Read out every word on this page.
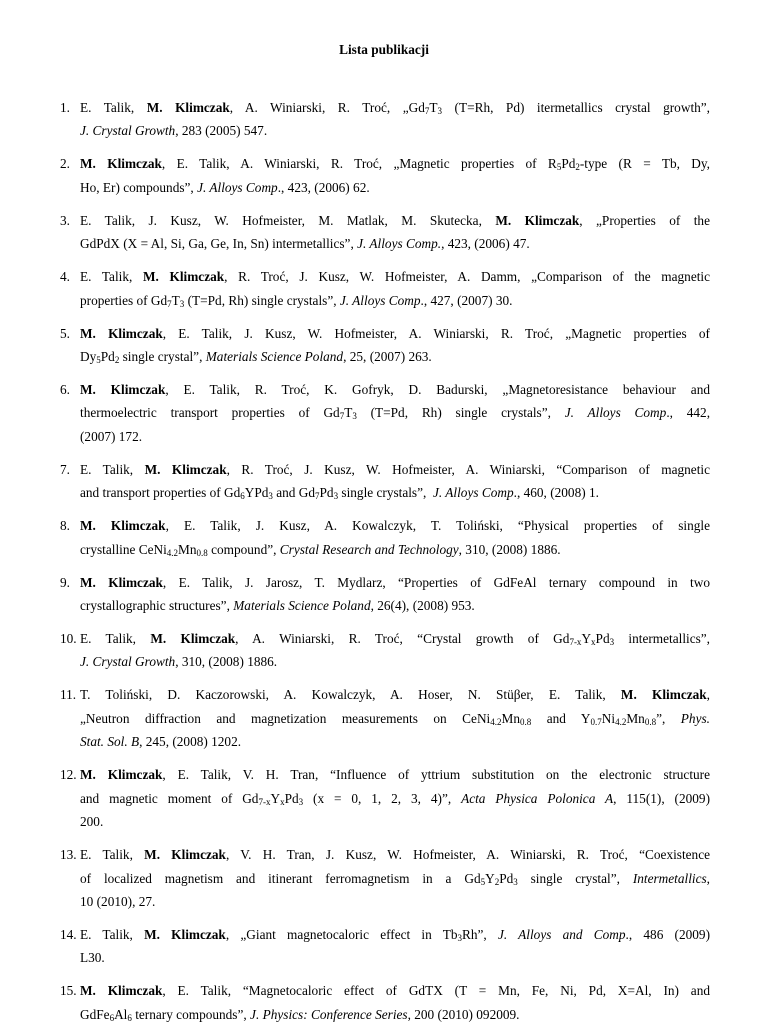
Lista publikacji
1. E. Talik, M. Klimczak, A. Winiarski, R. Troć, $„Gd_7T_3$ (T=Rh, Pd) itermetallics crystal growth”,
J. Crystal Growth, 283 (2005) 547.
2. M. Klimczak, E. Talik, A. Winiarski, R. Troć, „Magnetic properties of $R_5Pd_2$-type (R = Tb, Dy,
Ho, Er) compounds”, J. Alloys Comp., 423, (2006) 62.
3. E. Talik, J. Kusz, W. Hofmeister, M. Matlak, M. Skutecka, M. Klimczak, „Properties of the
GdPdX (X = Al, Si, Ga, Ge, In, Sn) intermetallics”, J. Alloys Comp., 423, (2006) 47.
4. E. Talik, M. Klimczak, R. Troć, J. Kusz, W. Hofmeister, A. Damm, „Comparison of the magnetic
properties of $Gd_7T_3$ (T=Pd, Rh) single crystals”, J. Alloys Comp., 427, (2007) 30.
5. M. Klimczak, E. Talik, J. Kusz, W. Hofmeister, A. Winiarski, R. Troć, „Magnetic properties of
$Dy_5Pd_2$ single crystal”, Materials Science Poland, 25, (2007) 263.
6. M. Klimczak, E. Talik, R. Troć, K. Gofryk, D. Badurski, „Magnetoresistance behaviour and
thermoelectric transport properties of $Gd_7T_3$ (T=Pd, Rh) single crystals”, J. Alloys Comp., 442,
(2007) 172.
7. E. Talik, M. Klimczak, R. Troć, J. Kusz, W. Hofmeister, A. Winiarski, “Comparison of magnetic
and transport properties of $Gd_6YPd_3$ and $Gd_7Pd_3$ single crystals”,  J. Alloys Comp., 460, (2008) 1.
8. M. Klimczak, E. Talik, J. Kusz, A. Kowalczyk, T. Toliński, “Physical properties of single
crystalline $CeNi_{4.2}Mn_{0.8}$ compound”, Crystal Research and Technology, 310, (2008) 1886.
9. M. Klimczak, E. Talik, J. Jarosz, T. Mydlarz, “Properties of GdFeAl ternary compound in two
crystallographic structures”, Materials Science Poland, 26(4), (2008) 953.
10. E. Talik, M. Klimczak, A. Winiarski, R. Troć, “Crystal growth of $Gd_{7-x}Y_xPd_3$ intermetallics”,
J. Crystal Growth, 310, (2008) 1886.
11. T. Toliński, D. Kaczorowski, A. Kowalczyk, A. Hoser, N. Stüβer, E. Talik, M. Klimczak,
„Neutron diffraction and magnetization measurements on $CeNi_{4.2}Mn_{0.8}$ and $Y_{0.7}Ni_{4.2}Mn_{0.8}$”, Phys.
Stat. Sol. B, 245, (2008) 1202.
12. M. Klimczak, E. Talik, V. H. Tran, “Influence of yttrium substitution on the electronic structure
and magnetic moment of $Gd_{7-x}Y_xPd_3$ (x = 0, 1, 2, 3, 4)”, Acta Physica Polonica A, 115(1), (2009)
200.
13. E. Talik, M. Klimczak, V. H. Tran, J. Kusz, W. Hofmeister, A. Winiarski, R. Troć, “Coexistence
of localized magnetism and itinerant ferromagnetism in a $Gd_5Y_2Pd_3$ single crystal”, Intermetallics,
10 (2010), 27.
14. E. Talik, M. Klimczak, „Giant magnetocaloric effect in $Tb_3Rh$”, J. Alloys and Comp., 486 (2009)
L30.
15. M. Klimczak, E. Talik, “Magnetocaloric effect of GdTX (T = Mn, Fe, Ni, Pd, X=Al, In) and
$GdFe_6Al_6$ ternary compounds”, J. Physics: Conference Series, 200 (2010) 092009.
